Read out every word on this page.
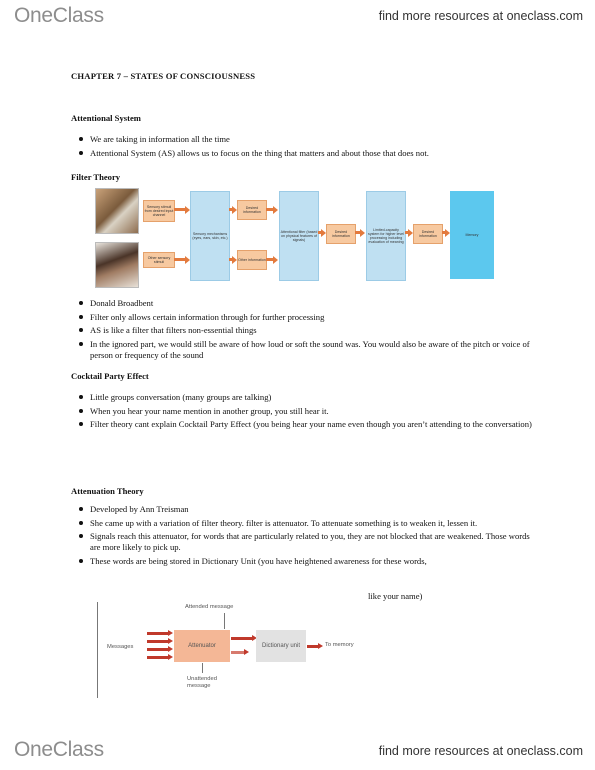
OneClass	find more resources at oneclass.com
CHAPTER 7 – STATES OF CONSCIOUSNESS
Attentional System
We are taking in information all the time
Attentional System (AS) allows us to focus on the thing that matters and about those that does not.
Filter Theory
Donald Broadbent
Filter only allows certain information through for further processing
AS is like a filter that filters non-essential things
In the ignored part, we would still be aware of how loud or soft the sound was. You would also be aware of the pitch or voice of person or frequency of the sound
Cocktail Party Effect
Little groups conversation (many groups are talking)
When you hear your name mention in another group, you still hear it.
Filter theory cant explain Cocktail Party Effect (you being hear your name even though you aren’t attending to the conversation)
Attenuation Theory
Developed by Ann Treisman
She came up with a variation of filter theory. filter is attenuator. To attenuate something is to weaken it, lessen it.
Signals reach this attenuator, for words that are particularly related to you, they are not blocked that are weakened. Those words are more likely to pick up.
These words are being stored in Dictionary Unit (you have heightened awareness for these words,
like your name)
Sensory stimuli from desired input channel
Other sensory stimuli
Sensory mechanisms (eyes, ears, skin, etc.)
Desired information
Other information
Attentional filter (based on physical features of signals)
Desired information
Limited-capacity system for higher level processing including evaluation of meaning
Desired information	Memory
Attended message
Messages	Attenuator	Dictionary unit	To memory
Unattended message
OneClass	find more resources at oneclass.com
